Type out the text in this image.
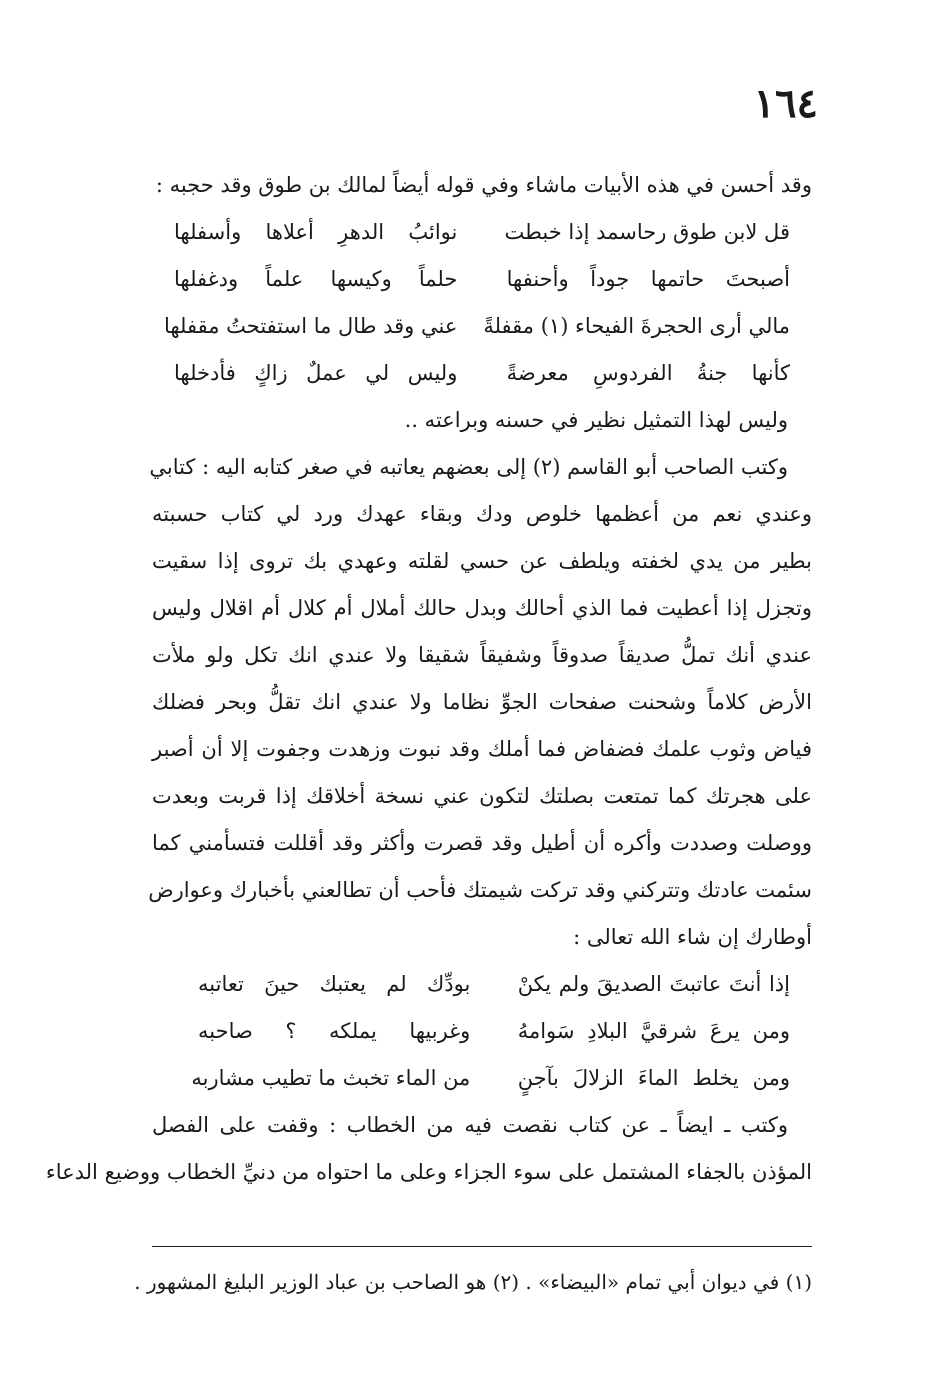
١٦٤
وقد أحسن في هذه الأبيات ماشاء وفي قوله أيضاً لمالك بن طوق وقد حجبه :
قل لابن طوق رحاسمد إذا خبطت
نوائبُ الدهرِ أعلاها وأسفلها
أصبحتَ حاتمها جوداً وأحنفها
حلماً وكيسها علماً ودغفلها
مالي أرى الحجرةَ الفيحاء (١) مقفلةً
عني وقد طال ما استفتحتُ مقفلها
كأنها جنةُ الفردوسِ معرضةً
وليس لي عملٌ زاكٍ فأدخلها
وليس لهذا التمثيل نظير في حسنه وبراعته ..
وكتب الصاحب أبو القاسم (٢) إلى بعضهم يعاتبه في صغر كتابه اليه : كتابي
وعندي نعم من أعظمها خلوص ودك وبقاء عهدك ورد لي كتاب حسبته
بطير من يدي لخفته ويلطف عن حسي لقلته وعهدي بك تروى إذا سقيت
وتجزل إذا أعطيت فما الذي أحالك وبدل حالك أملال أم كلال أم اقلال وليس
عندي أنك تملُّ صديقاً صدوقاً وشفيقاً شقيقا ولا عندي انك تكل ولو ملأت
الأرض كلاماً وشحنت صفحات الجوِّ نظاما ولا عندي انك تقلُّ وبحر فضلك
فياض وثوب علمك فضفاض فما أملك وقد نبوت وزهدت وجفوت إلا أن أصبر
على هجرتك كما تمتعت بصلتك لتكون عني نسخة أخلاقك إذا قربت وبعدت
ووصلت وصددت وأكره أن أطيل وقد قصرت وأكثر وقد أقللت فتسأمني كما
سئمت عادتك وتتركني وقد تركت شيمتك فأحب أن تطالعني بأخبارك وعوارض
أوطارك إن شاء الله تعالى :
إذا أنتَ عاتبتَ الصديقَ ولم يكنْ
بودِّك لم يعتبك حينَ تعاتبه
ومن يرعَ شرقيَّ البلادِ سَوامهُ
وغربيها يملكه ؟ صاحبه
ومن يخلط الماءَ الزلالَ بآجنٍ
من الماء تخبث ما تطيب مشاربه
وكتب ـ ايضاً ـ عن كتاب نقصت فيه من الخطاب : وقفت على الفصل
المؤذن بالجفاء المشتمل على سوء الجزاء وعلى ما احتواه من دنيِّ الخطاب ووضيع الدعاء
(١) في ديوان أبي تمام «البيضاء» . (٢) هو الصاحب بن عباد الوزير البليغ المشهور .
